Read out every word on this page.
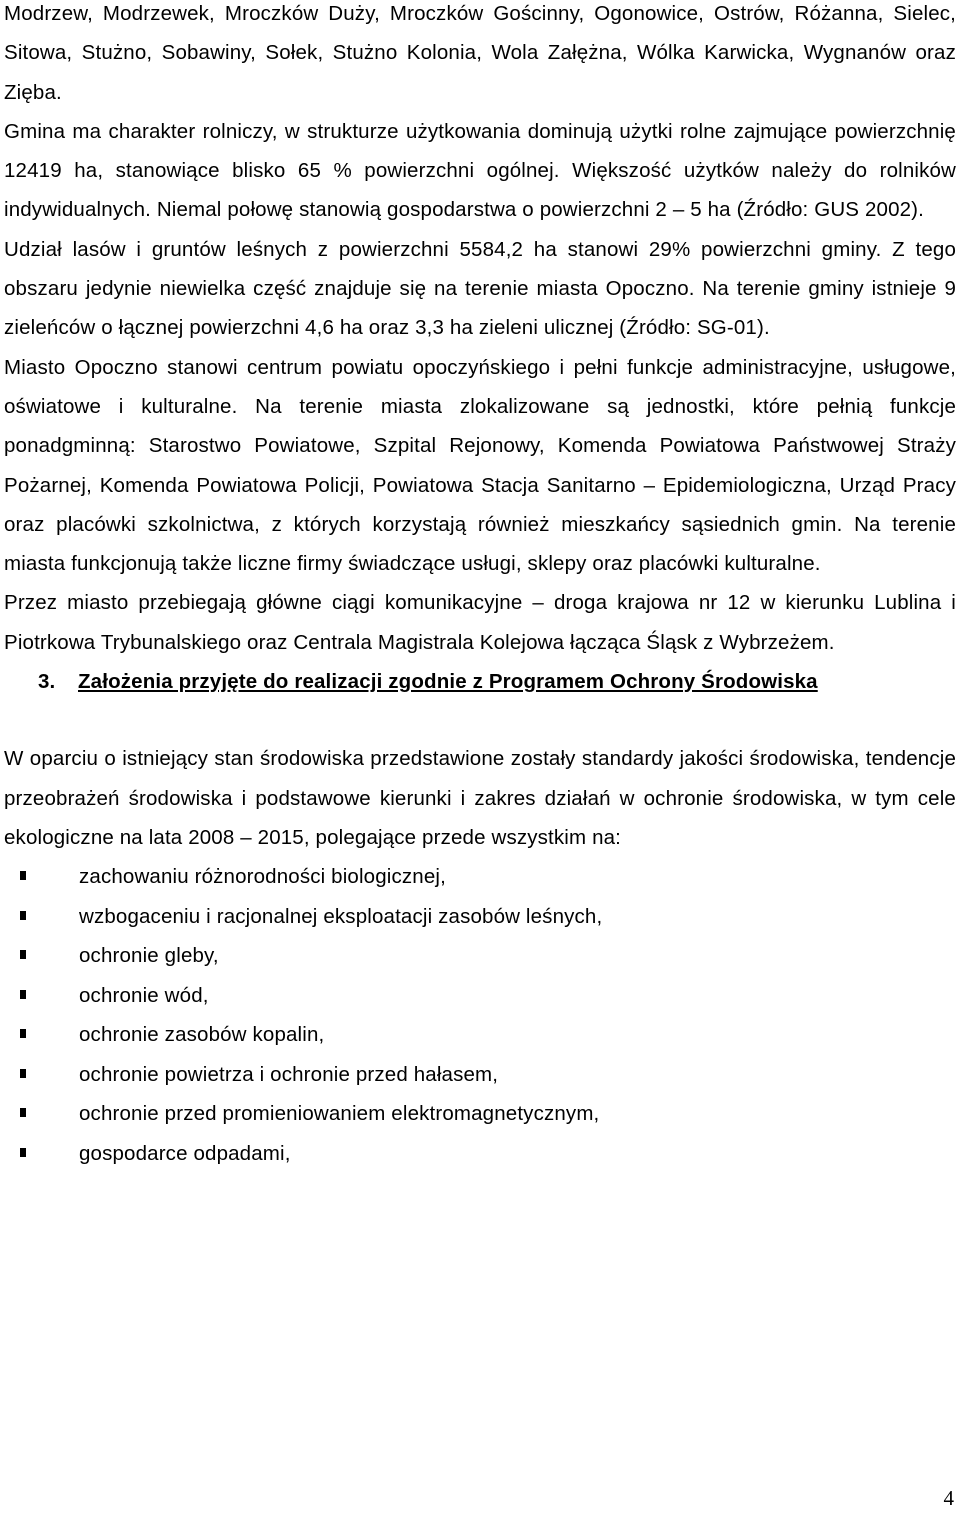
Modrzew, Modrzewek, Mroczków Duży, Mroczków Gościnny, Ogonowice, Ostrów, Różanna, Sielec, Sitowa, Stużno, Sobawiny, Sołek, Stużno Kolonia, Wola Załężna, Wólka Karwicka, Wygnanów oraz Zięba.

Gmina ma charakter rolniczy, w strukturze użytkowania dominują użytki rolne zajmujące powierzchnię 12419 ha, stanowiące blisko 65 % powierzchni ogólnej. Większość użytków należy do rolników indywidualnych. Niemal połowę stanowią gospodarstwa o powierzchni 2 – 5 ha (Źródło: GUS 2002).

Udział lasów i gruntów leśnych z powierzchni 5584,2 ha stanowi 29% powierzchni gminy. Z tego obszaru jedynie niewielka część znajduje się na terenie miasta Opoczno. Na terenie gminy istnieje 9 zieleńców o łącznej powierzchni 4,6 ha oraz 3,3 ha zieleni ulicznej (Źródło: SG-01).

Miasto Opoczno stanowi centrum powiatu opoczyńskiego i pełni funkcje administracyjne, usługowe, oświatowe i kulturalne. Na terenie miasta zlokalizowane są jednostki, które pełnią funkcje ponadgminną: Starostwo Powiatowe, Szpital Rejonowy, Komenda Powiatowa Państwowej Straży Pożarnej, Komenda Powiatowa Policji, Powiatowa Stacja Sanitarno – Epidemiologiczna, Urząd Pracy oraz placówki szkolnictwa, z których korzystają również mieszkańcy sąsiednich gmin. Na terenie miasta funkcjonują także liczne firmy świadczące usługi, sklepy oraz placówki kulturalne.

Przez miasto przebiegają główne ciągi komunikacyjne – droga krajowa nr 12 w kierunku Lublina i Piotrkowa Trybunalskiego oraz Centrala Magistrala Kolejowa łącząca Śląsk z Wybrzeżem.

3. Założenia przyjęte do realizacji zgodnie z Programem Ochrony Środowiska

W oparciu o istniejący stan środowiska przedstawione zostały standardy jakości środowiska, tendencje przeobrażeń środowiska i podstawowe kierunki i zakres działań w ochronie środowiska, w tym cele ekologiczne na lata 2008 – 2015, polegające przede wszystkim na:

zachowaniu różnorodności biologicznej,
wzbogaceniu i racjonalnej eksploatacji zasobów leśnych,
ochronie gleby,
ochronie wód,
ochronie zasobów kopalin,
ochronie powietrza i ochronie przed hałasem,
ochronie przed promieniowaniem elektromagnetycznym,
gospodarce odpadami,
4
